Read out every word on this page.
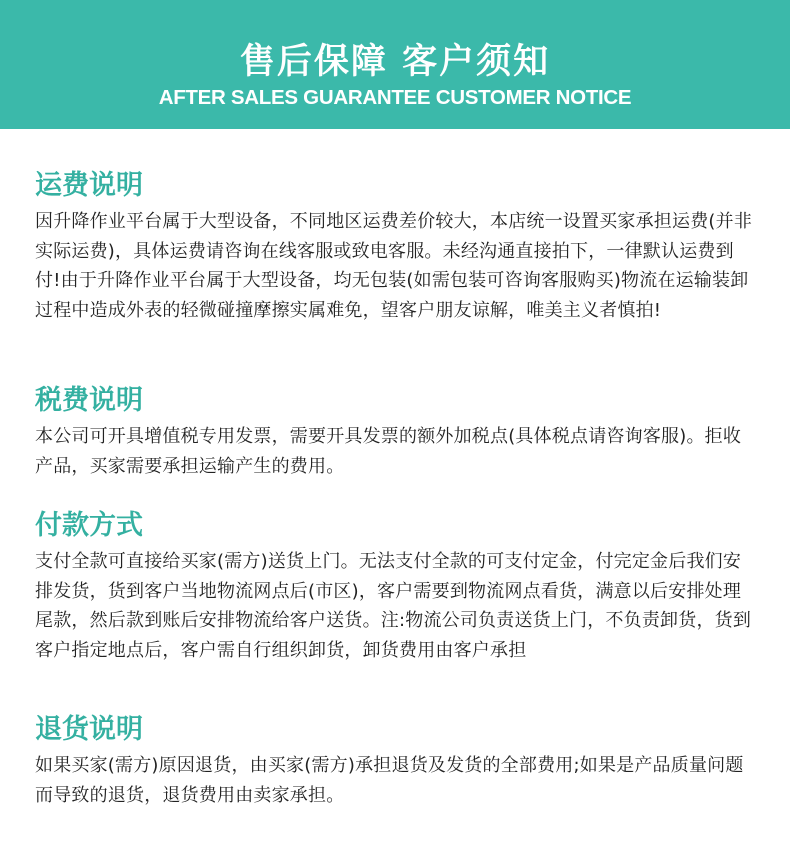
售后保障 客户须知
AFTER SALES GUARANTEE CUSTOMER NOTICE
运费说明

因升降作业平台属于大型设备，不同地区运费差价较大，本店统一设置买家承担运费(并非实际运费)，具体运费请咨询在线客服或致电客服。未经沟通直接拍下，一律默认运费到付!由于升降作业平台属于大型设备，均无包装(如需包装可咨询客服购买)物流在运输装卸过程中造成外表的轻微碰撞摩擦实属难免，望客户朋友谅解，唯美主义者慎拍!

税费说明

本公司可开具增值税专用发票，需要开具发票的额外加税点(具体税点请咨询客服)。拒收产品，买家需要承担运输产生的费用。

付款方式

支付全款可直接给买家(需方)送货上门。无法支付全款的可支付定金，付完定金后我们安排发货，货到客户当地物流网点后(市区)，客户需要到物流网点看货，满意以后安排处理尾款，然后款到账后安排物流给客户送货。注:物流公司负责送货上门，不负责卸货，货到客户指定地点后，客户需自行组织卸货，卸货费用由客户承担

退货说明

如果买家(需方)原因退货，由买家(需方)承担退货及发货的全部费用;如果是产品质量问题而导致的退货，退货费用由卖家承担。
